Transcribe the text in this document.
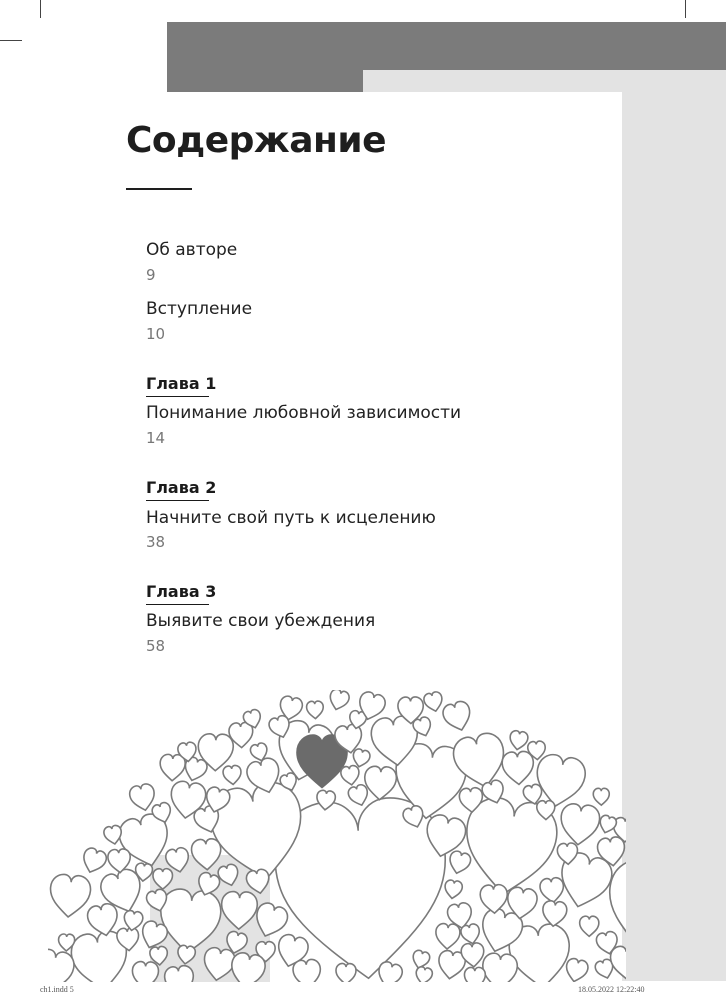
Содержание
Об авторе
9
Вступление
10
Глава 1
Понимание любовной зависимости
14
Глава 2
Начните свой путь к исцелению
38
Глава 3
Выявите свои убеждения
58
ch1.indd 5	18.05.2022 12:22:40
